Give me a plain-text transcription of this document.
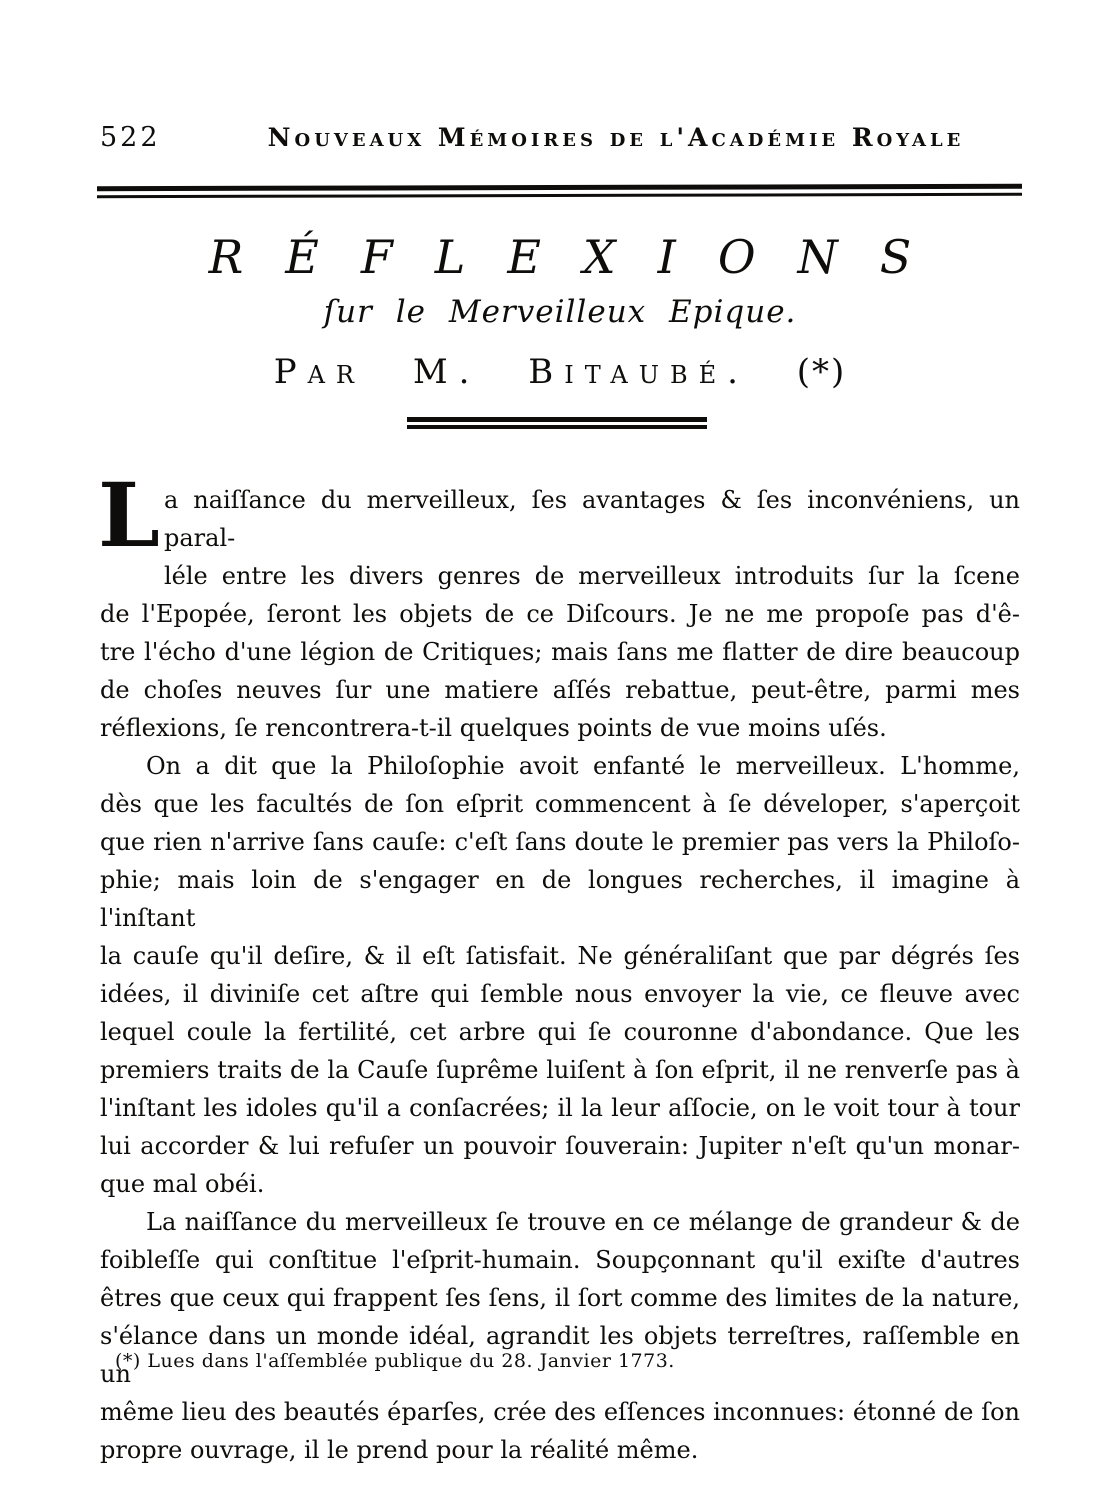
522	Nouveaux Mémoires de l'Académie Royale
RÉFLEXIONS
ſur le Merveilleux Epique.
Par M. Bitaubé. (*)
L a naiſſance du merveilleux, ſes avantages & ſes inconvéniens, un paral-
léle entre les divers genres de merveilleux introduits ſur la ſcene
de l'Epopée, ſeront les objets de ce Diſcours. Je ne me propoſe pas d'ê-
tre l'écho d'une légion de Critiques; mais ſans me flatter de dire beaucoup
de choſes neuves ſur une matiere aſſés rebattue, peut-être, parmi mes
réflexions, ſe rencontrera-t-il quelques points de vue moins uſés.
On a dit que la Philoſophie avoit enfanté le merveilleux. L'homme,
dès que les facultés de ſon eſprit commencent à ſe déveloper, s'aperçoit
que rien n'arrive ſans cauſe: c'eſt ſans doute le premier pas vers la Philoſo-
phie; mais loin de s'engager en de longues recherches, il imagine à l'inſtant
la cauſe qu'il deſire, & il eſt ſatisfait. Ne généraliſant que par dégrés ſes
idées, il diviniſe cet aſtre qui ſemble nous envoyer la vie, ce fleuve avec
lequel coule la fertilité, cet arbre qui ſe couronne d'abondance. Que les
premiers traits de la Cauſe ſuprême luiſent à ſon eſprit, il ne renverſe pas à
l'inſtant les idoles qu'il a conſacrées; il la leur aſſocie, on le voit tour à tour
lui accorder & lui refuſer un pouvoir ſouverain: Jupiter n'eſt qu'un monar-
que mal obéi.
La naiſſance du merveilleux ſe trouve en ce mélange de grandeur & de
foibleſſe qui conſtitue l'eſprit-humain. Soupçonnant qu'il exiſte d'autres
êtres que ceux qui frappent ſes ſens, il ſort comme des limites de la nature,
s'élance dans un monde idéal, agrandit les objets terreſtres, raſſemble en un
même lieu des beautés éparſes, crée des eſſences inconnues: étonné de ſon
propre ouvrage, il le prend pour la réalité même.
(*) Lues dans l'aſſemblée publique du 28. Janvier 1773.
